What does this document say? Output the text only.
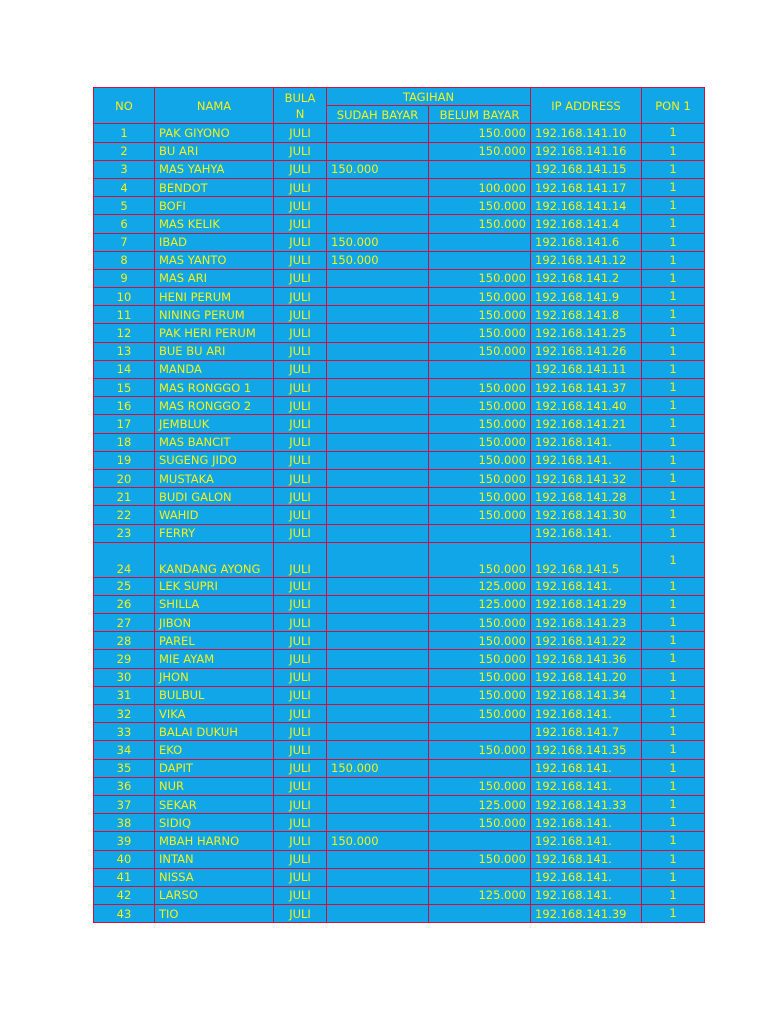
NO	NAMA	BULA
N	TAGIHAN		IP ADDRESS	PON 1
			SUDAH BAYAR	BELUM BAYAR		
1	PAK GIYONO	JULI		150.000	192.168.141.10	1
2	BU ARI	JULI		150.000	192.168.141.16	1
3	MAS YAHYA	JULI	150.000		192.168.141.15	1
4	BENDOT	JULI		100.000	192.168.141.17	1
5	BOFI	JULI		150.000	192.168.141.14	1
6	MAS KELIK	JULI		150.000	192.168.141.4	1
7	IBAD	JULI	150.000		192.168.141.6	1
8	MAS YANTO	JULI	150.000		192.168.141.12	1
9	MAS ARI	JULI		150.000	192.168.141.2	1
10	HENI PERUM	JULI		150.000	192.168.141.9	1
11	NINING PERUM	JULI		150.000	192.168.141.8	1
12	PAK HERI PERUM	JULI		150.000	192.168.141.25	1
13	BUE BU ARI	JULI		150.000	192.168.141.26	1
14	MANDA	JULI			192.168.141.11	1
15	MAS RONGGO 1	JULI		150.000	192.168.141.37	1
16	MAS RONGGO 2	JULI		150.000	192.168.141.40	1
17	JEMBLUK	JULI		150.000	192.168.141.21	1
18	MAS BANCIT	JULI		150.000	192.168.141.	1
19	SUGENG JIDO	JULI		150.000	192.168.141.	1
20	MUSTAKA	JULI		150.000	192.168.141.32	1
21	BUDI GALON	JULI		150.000	192.168.141.28	1
22	WAHID	JULI		150.000	192.168.141.30	1
23	FERRY	JULI			192.168.141.	1
24	KANDANG AYONG	JULI		150.000	192.168.141.5	1
25	LEK SUPRI	JULI		125.000	192.168.141.	1
26	SHILLA	JULI		125.000	192.168.141.29	1
27	JIBON	JULI		150.000	192.168.141.23	1
28	PAREL	JULI		150.000	192.168.141.22	1
29	MIE AYAM	JULI		150.000	192.168.141.36	1
30	JHON	JULI		150.000	192.168.141.20	1
31	BULBUL	JULI		150.000	192.168.141.34	1
32	VIKA	JULI		150.000	192.168.141.	1
33	BALAI DUKUH	JULI			192.168.141.7	1
34	EKO	JULI		150.000	192.168.141.35	1
35	DAPIT	JULI	150.000		192.168.141.	1
36	NUR	JULI		150.000	192.168.141.	1
37	SEKAR	JULI		125.000	192.168.141.33	1
38	SIDIQ	JULI		150.000	192.168.141.	1
39	MBAH HARNO	JULI	150.000		192.168.141.	1
40	INTAN	JULI		150.000	192.168.141.	1
41	NISSA	JULI			192.168.141.	1
42	LARSO	JULI		125.000	192.168.141.	1
43	TIO	JULI			192.168.141.39	1
